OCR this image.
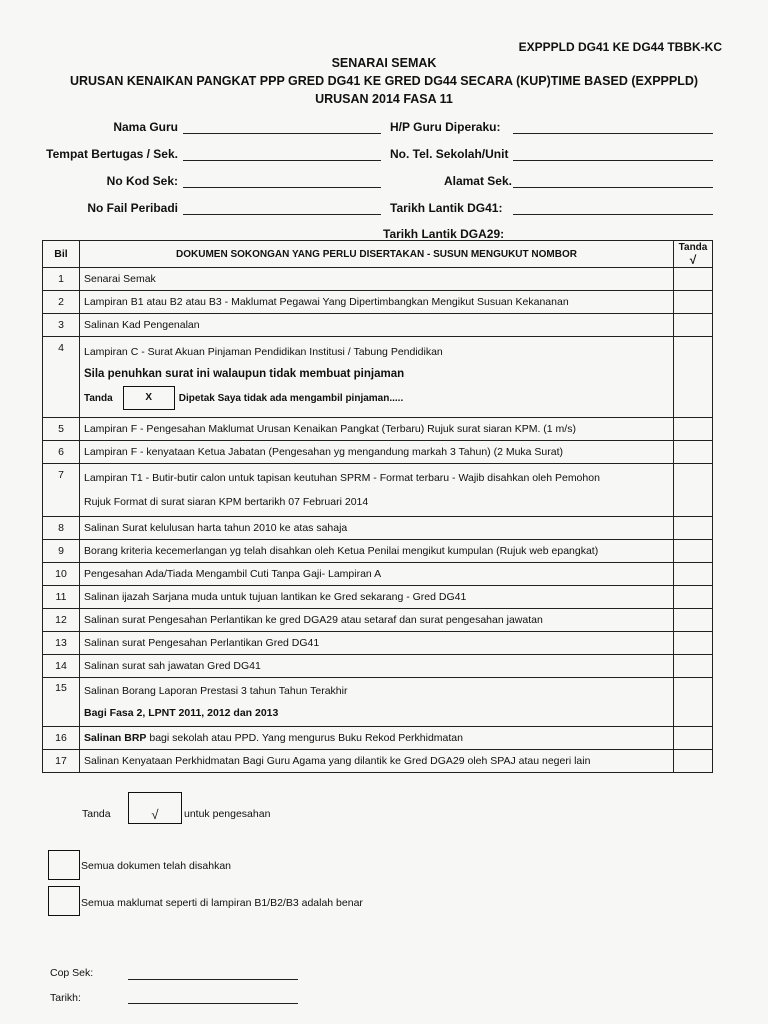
EXPPPLD DG41 KE DG44 TBBK-KC
SENARAI SEMAK
URUSAN KENAIKAN PANGKAT PPP GRED DG41 KE GRED DG44 SECARA (KUP)TIME BASED (EXPPPLD)
URUSAN 2014 FASA 11
Nama Guru	H/P Guru Diperaku:
Tempat Bertugas / Sek.	No. Tel. Sekolah/Unit
No Kod Sek:	Alamat Sek.
No Fail Peribadi	Tarikh Lantik DG41:
Tarikh Lantik DGA29:
Bil	DOKUMEN SOKONGAN YANG PERLU DISERTAKAN - SUSUN MENGUKUT NOMBOR	Tanda
√

1	Senarai Semak	
2	Lampiran B1 atau B2 atau B3 - Maklumat Pegawai Yang Dipertimbangkan Mengikut Susuan Kekananan	
3	Salinan Kad Pengenalan	
4	Lampiran C - Surat Akuan Pinjaman Pendidikan Institusi / Tabung Pendidikan
Sila penuhkan surat ini walaupun tidak membuat pinjaman
Tanda X Dipetak Saya tidak ada mengambil pinjaman.....	

5	Lampiran F - Pengesahan Maklumat Urusan Kenaikan Pangkat (Terbaru) Rujuk surat siaran KPM. (1 m/s)	
6	Lampiran F - kenyataan Ketua Jabatan (Pengesahan yg mengandung markah 3 Tahun) (2 Muka Surat)	
7	Lampiran T1 - Butir-butir calon untuk tapisan keutuhan SPRM - Format terbaru - Wajib disahkan oleh Pemohon
Rujuk Format di surat siaran KPM bertarikh 07 Februari 2014	

8	Salinan Surat kelulusan harta tahun 2010 ke atas sahaja	
9	Borang kriteria kecemerlangan yg telah disahkan oleh Ketua Penilai mengikut kumpulan (Rujuk web epangkat)	
10	Pengesahan Ada/Tiada Mengambil Cuti Tanpa Gaji- Lampiran A	
11	Salinan ijazah Sarjana muda untuk tujuan lantikan ke Gred sekarang - Gred DG41	
12	Salinan surat Pengesahan Perlantikan ke gred DGA29 atau setaraf dan surat pengesahan jawatan	
13	Salinan surat Pengesahan Perlantikan Gred DG41	
14	Salinan surat sah jawatan Gred DG41	
15	Salinan Borang Laporan Prestasi 3 tahun Tahun Terakhir
Bagi Fasa 2, LPNT 2011, 2012 dan 2013	

16	Salinan BRP bagi sekolah atau PPD. Yang mengurus Buku Rekod Perkhidmatan	
17	Salinan Kenyataan Perkhidmatan Bagi Guru Agama yang dilantik ke Gred DGA29 oleh SPAJ atau negeri lain	
Tanda	√	untuk pengesahan
Semua dokumen telah disahkan
Semua maklumat seperti di lampiran B1/B2/B3 adalah benar
Cop Sek:
Tarikh:
